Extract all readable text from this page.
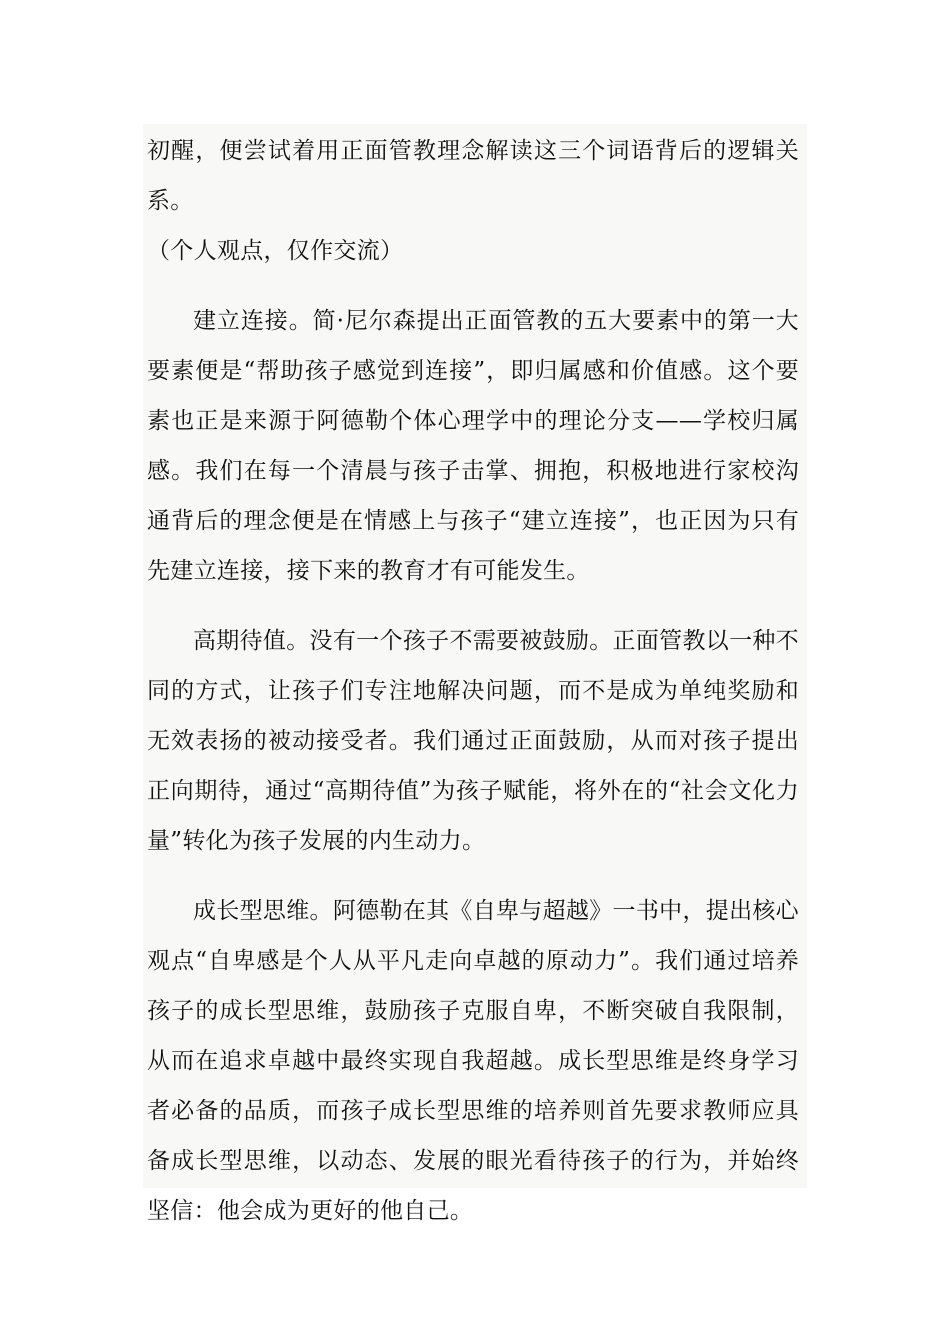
初醒，便尝试着用正面管教理念解读这三个词语背后的逻辑关系。
（个人观点，仅作交流）

建立连接。简·尼尔森提出正面管教的五大要素中的第一大要素便是“帮助孩子感觉到连接”，即归属感和价值感。这个要素也正是来源于阿德勒个体心理学中的理论分支——学校归属感。我们在每一个清晨与孩子击掌、拥抱，积极地进行家校沟通背后的理念便是在情感上与孩子“建立连接”，也正因为只有先建立连接，接下来的教育才有可能发生。

高期待值。没有一个孩子不需要被鼓励。正面管教以一种不同的方式，让孩子们专注地解决问题，而不是成为单纯奖励和无效表扬的被动接受者。我们通过正面鼓励，从而对孩子提出正向期待，通过“高期待值”为孩子赋能，将外在的“社会文化力量”转化为孩子发展的内生动力。

成长型思维。阿德勒在其《自卑与超越》一书中，提出核心观点“自卑感是个人从平凡走向卓越的原动力”。我们通过培养孩子的成长型思维，鼓励孩子克服自卑，不断突破自我限制，从而在追求卓越中最终实现自我超越。成长型思维是终身学习者必备的品质，而孩子成长型思维的培养则首先要求教师应具备成长型思维，以动态、发展的眼光看待孩子的行为，并始终坚信：他会成为更好的他自己。
